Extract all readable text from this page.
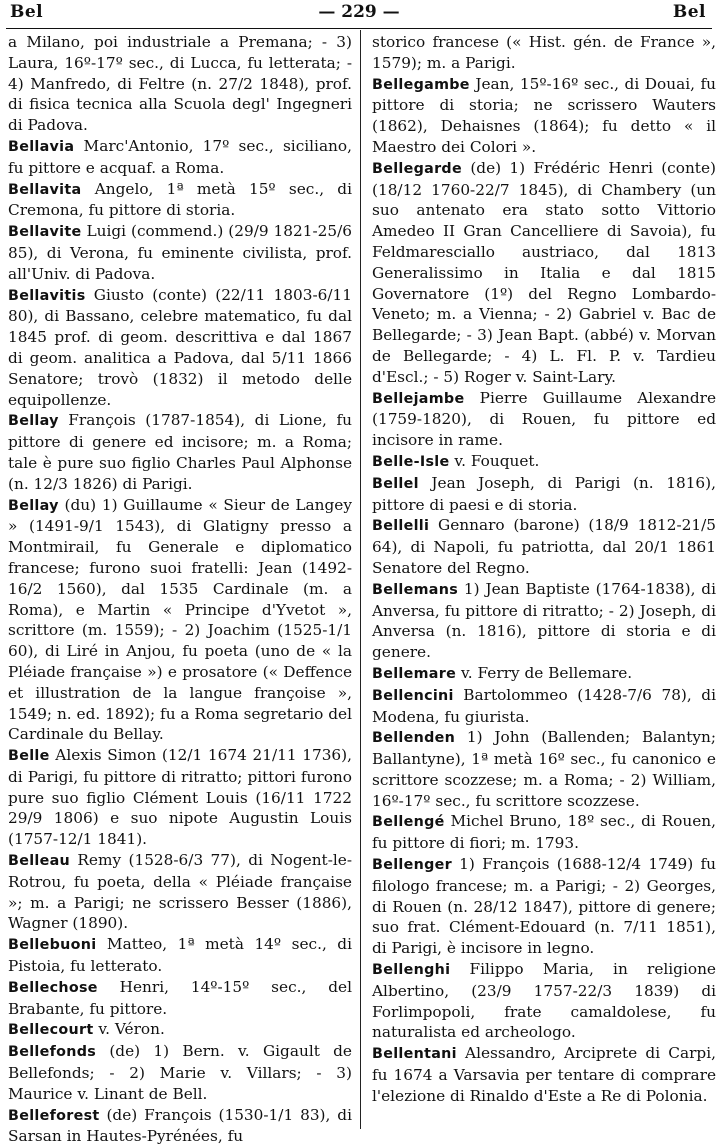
Bel	— 229 —	Bel

a Milano, poi industriale a Premana; - 3) Laura, 16º-17º sec., di Lucca, fu letterata; - 4) Manfredo, di Feltre (n. 27/2 1848), prof. di fisica tecnica alla Scuola degl' Ingegneri di Padova.

Bellavia Marc'Antonio, 17º sec., siciliano, fu pittore e acquaf. a Roma.

Bellavita Angelo, 1ª metà 15º sec., di Cremona, fu pittore di storia.

Bellavite Luigi (commend.) (29/9 1821-25/6 85), di Verona, fu eminente civilista, prof. all'Univ. di Padova.

Bellavitis Giusto (conte) (22/11 1803-6/11 80), di Bassano, celebre matematico, fu dal 1845 prof. di geom. descrittiva e dal 1867 di geom. analitica a Padova, dal 5/11 1866 Senatore; trovò (1832) il metodo delle equipollenze.

Bellay François (1787-1854), di Lione, fu pittore di genere ed incisore; m. a Roma; tale è pure suo figlio Charles Paul Alphonse (n. 12/3 1826) di Parigi.

Bellay (du) 1) Guillaume « Sieur de Langey » (1491-9/1 1543), di Glatigny presso a Montmirail, fu Generale e diplomatico francese; furono suoi fratelli: Jean (1492-16/2 1560), dal 1535 Cardinale (m. a Roma), e Martin « Principe d'Yvetot », scrittore (m. 1559); - 2) Joachim (1525-1/1 60), di Liré in Anjou, fu poeta (uno de « la Pléiade française ») e prosatore (« Deffence et illustration de la langue françoise », 1549; n. ed. 1892); fu a Roma segretario del Cardinale du Bellay.

Belle Alexis Simon (12/1 1674 21/11 1736), di Parigi, fu pittore di ritratto; pittori furono pure suo figlio Clément Louis (16/11 1722 29/9 1806) e suo nipote Augustin Louis (1757-12/1 1841).

Belleau Remy (1528-6/3 77), di Nogent-le-Rotrou, fu poeta, della « Pléiade française »; m. a Parigi; ne scrissero Besser (1886), Wagner (1890).

Bellebuoni Matteo, 1ª metà 14º sec., di Pistoia, fu letterato.

Bellechose Henri, 14º-15º sec., del Brabante, fu pittore.

Bellecourt v. Véron.

Bellefonds (de) 1) Bern. v. Gigault de Bellefonds; - 2) Marie v. Villars; - 3) Maurice v. Linant de Bell.

Belleforest (de) François (1530-1/1 83), di Sarsan in Hautes-Pyrénées, fu

storico francese (« Hist. gén. de France », 1579); m. a Parigi.

Bellegambe Jean, 15º-16º sec., di Douai, fu pittore di storia; ne scrissero Wauters (1862), Dehaisnes (1864); fu detto « il Maestro dei Colori ».

Bellegarde (de) 1) Frédéric Henri (conte) (18/12 1760-22/7 1845), di Chambery (un suo antenato era stato sotto Vittorio Amedeo II Gran Cancelliere di Savoia), fu Feldmaresciallo austriaco, dal 1813 Generalissimo in Italia e dal 1815 Governatore (1º) del Regno Lombardo-Veneto; m. a Vienna; - 2) Gabriel v. Bac de Bellegarde; - 3) Jean Bapt. (abbé) v. Morvan de Bellegarde; - 4) L. Fl. P. v. Tardieu d'Escl.; - 5) Roger v. Saint-Lary.

Bellejambe Pierre Guillaume Alexandre (1759-1820), di Rouen, fu pittore ed incisore in rame.

Belle-Isle v. Fouquet.

Bellel Jean Joseph, di Parigi (n. 1816), pittore di paesi e di storia.

Bellelli Gennaro (barone) (18/9 1812-21/5 64), di Napoli, fu patriotta, dal 20/1 1861 Senatore del Regno.

Bellemans 1) Jean Baptiste (1764-1838), di Anversa, fu pittore di ritratto; - 2) Joseph, di Anversa (n. 1816), pittore di storia e di genere.

Bellemare v. Ferry de Bellemare.

Bellencini Bartolommeo (1428-7/6 78), di Modena, fu giurista.

Bellenden 1) John (Ballenden; Balantyn; Ballantyne), 1ª metà 16º sec., fu canonico e scrittore scozzese; m. a Roma; - 2) William, 16º-17º sec., fu scrittore scozzese.

Bellengé Michel Bruno, 18º sec., di Rouen, fu pittore di fiori; m. 1793.

Bellenger 1) François (1688-12/4 1749) fu filologo francese; m. a Parigi; - 2) Georges, di Rouen (n. 28/12 1847), pittore di genere; suo frat. Clément-Edouard (n. 7/11 1851), di Parigi, è incisore in legno.

Bellenghi Filippo Maria, in religione Albertino, (23/9 1757-22/3 1839) di Forlimpopoli, frate camaldolese, fu naturalista ed archeologo.

Bellentani Alessandro, Arciprete di Carpi, fu 1674 a Varsavia per tentare di comprare l'elezione di Rinaldo d'Este a Re di Polonia.
